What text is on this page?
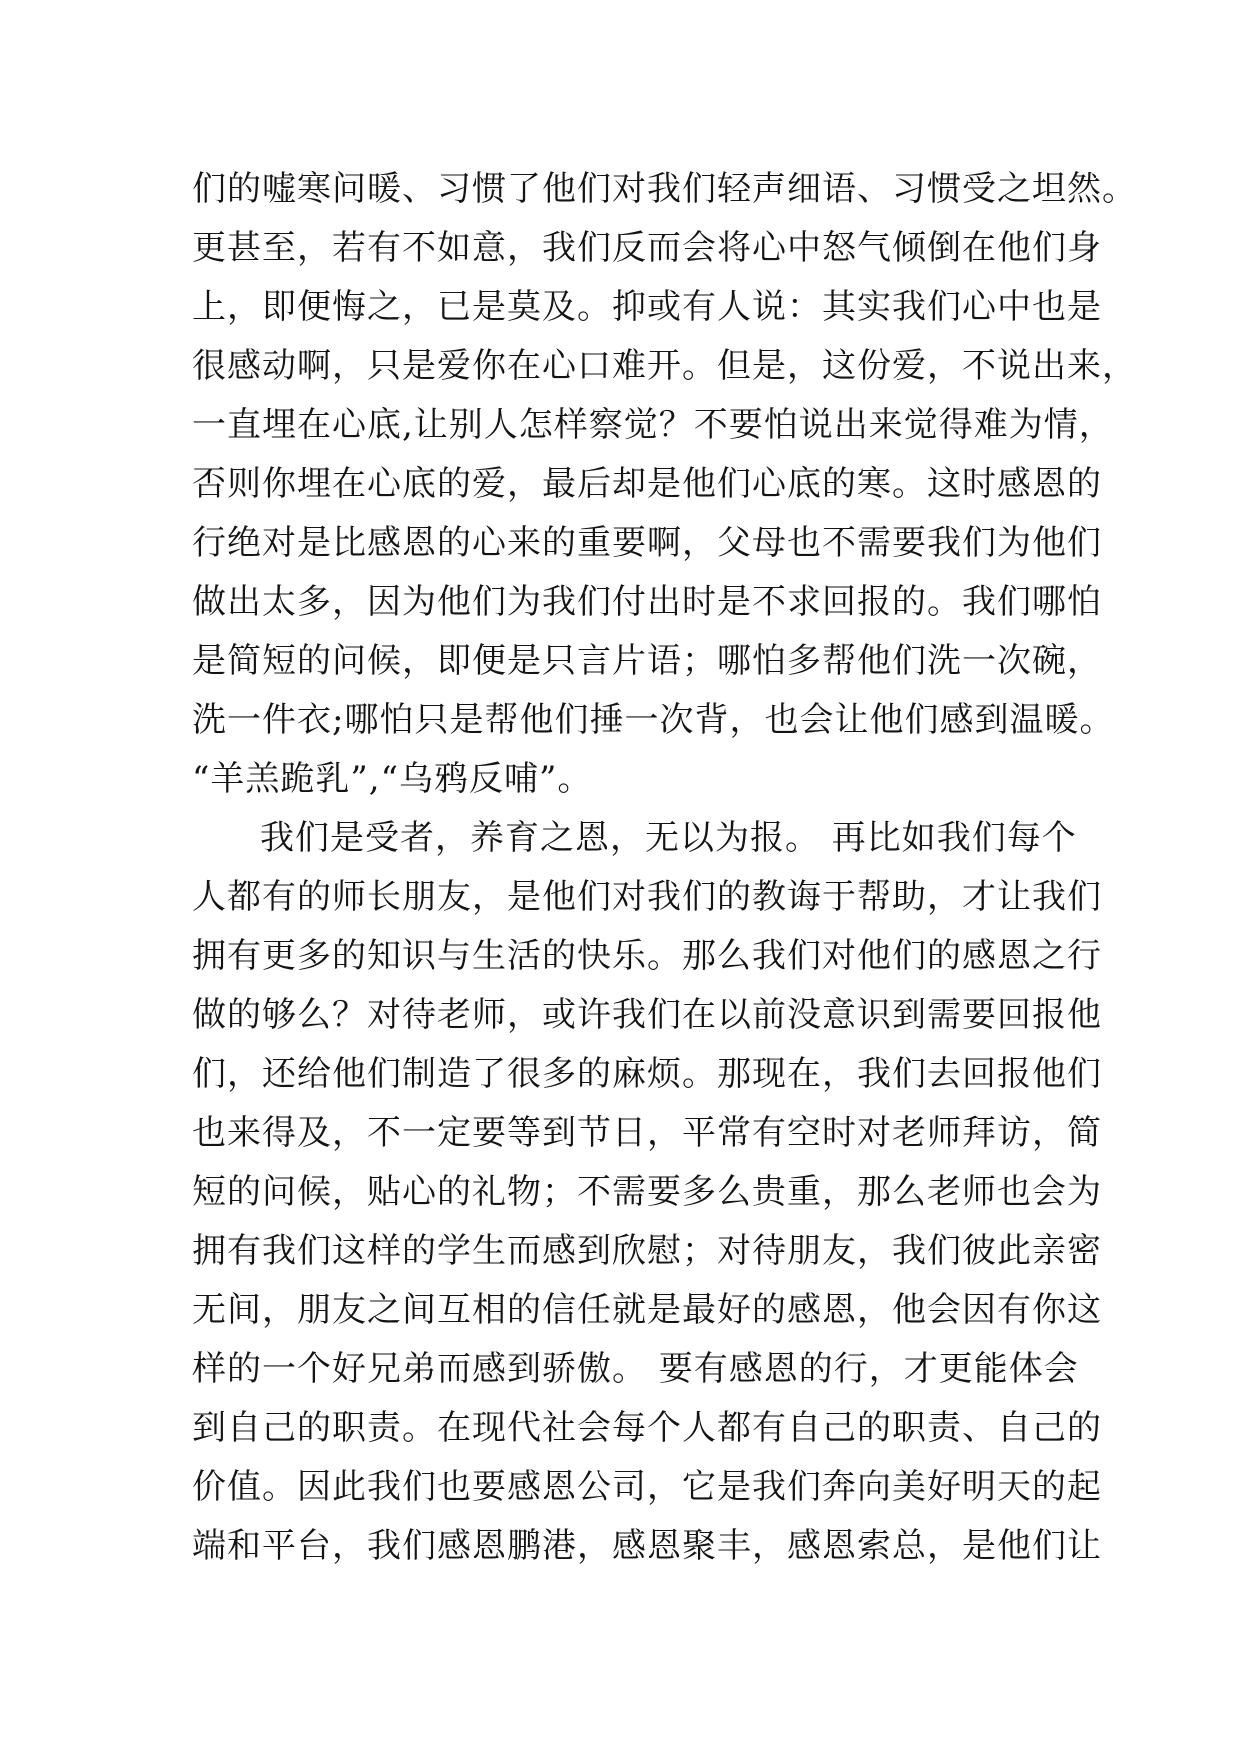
们的嘘寒问暖、习惯了他们对我们轻声细语、习惯受之坦然。
更甚至，若有不如意，我们反而会将心中怒气倾倒在他们身
上，即便悔之，已是莫及。抑或有人说：其实我们心中也是
很感动啊，只是爱你在心口难开。但是，这份爱，不说出来，
一直埋在心底,让别人怎样察觉？不要怕说出来觉得难为情，
否则你埋在心底的爱，最后却是他们心底的寒。这时感恩的
行绝对是比感恩的心来的重要啊，父母也不需要我们为他们
做出太多，因为他们为我们付出时是不求回报的。我们哪怕
是简短的问候，即便是只言片语；哪怕多帮他们洗一次碗，
洗一件衣;哪怕只是帮他们捶一次背，也会让他们感到温暖。
“羊羔跪乳”,“乌鸦反哺”。
我们是受者，养育之恩，无以为报。 再比如我们每个
人都有的师长朋友，是他们对我们的教诲于帮助，才让我们
拥有更多的知识与生活的快乐。那么我们对他们的感恩之行
做的够么？对待老师，或许我们在以前没意识到需要回报他
们，还给他们制造了很多的麻烦。那现在，我们去回报他们
也来得及，不一定要等到节日，平常有空时对老师拜访，简
短的问候，贴心的礼物；不需要多么贵重，那么老师也会为
拥有我们这样的学生而感到欣慰；对待朋友，我们彼此亲密
无间，朋友之间互相的信任就是最好的感恩，他会因有你这
样的一个好兄弟而感到骄傲。 要有感恩的行，才更能体会
到自己的职责。在现代社会每个人都有自己的职责、自己的
价值。因此我们也要感恩公司，它是我们奔向美好明天的起
端和平台，我们感恩鹏港，感恩聚丰，感恩索总，是他们让
